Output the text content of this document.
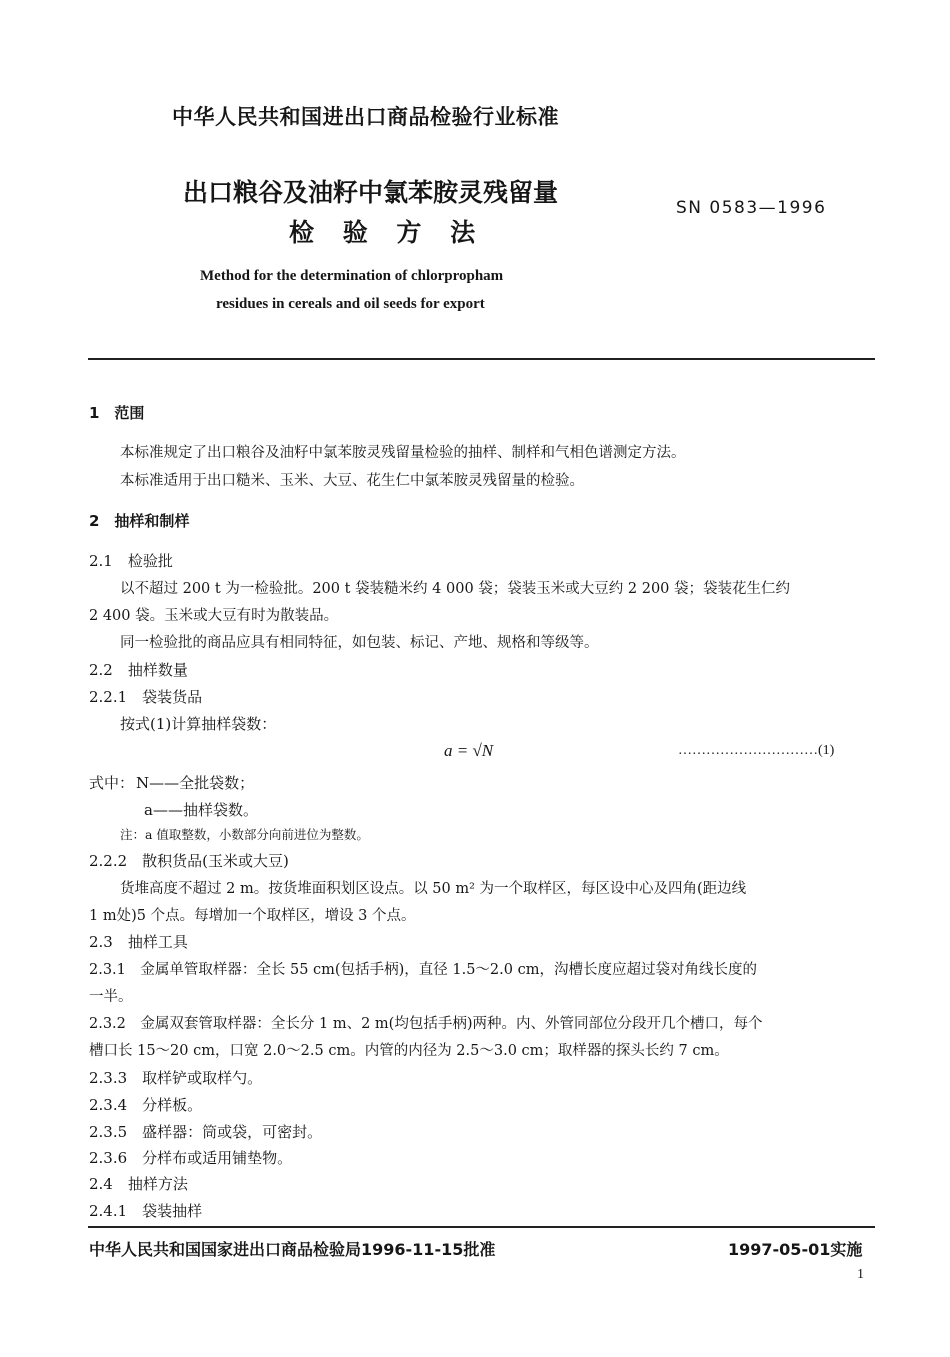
中华人民共和国进出口商品检验行业标准
出口粮谷及油籽中氯苯胺灵残留量
检 验 方 法
SN 0583—1996
Method for the determination of chlorpropham
residues in cereals and oil seeds for export
1　范围
本标准规定了出口粮谷及油籽中氯苯胺灵残留量检验的抽样、制样和气相色谱测定方法。
本标准适用于出口糙米、玉米、大豆、花生仁中氯苯胺灵残留量的检验。
2　抽样和制样
2.1　检验批
以不超过 200 t 为一检验批。200 t 袋装糙米约 4 000 袋；袋装玉米或大豆约 2 200 袋；袋装花生仁约
2 400 袋。玉米或大豆有时为散装品。
同一检验批的商品应具有相同特征，如包装、标记、产地、规格和等级等。
2.2　抽样数量
2.2.1　袋装货品
按式(1)计算抽样袋数：
a = √N	…………………………(1)
式中： N——全批袋数；
a——抽样袋数。
注：a 值取整数，小数部分向前进位为整数。
2.2.2　散积货品(玉米或大豆)
货堆高度不超过 2 m。按货堆面积划区设点。以 50 m² 为一个取样区，每区设中心及四角(距边线
1 m处)5 个点。每增加一个取样区，增设 3 个点。
2.3　抽样工具
2.3.1　金属单管取样器：全长 55 cm(包括手柄)，直径 1.5～2.0 cm，沟槽长度应超过袋对角线长度的
一半。
2.3.2　金属双套管取样器：全长分 1 m、2 m(均包括手柄)两种。内、外管同部位分段开几个槽口，每个
槽口长 15～20 cm，口宽 2.0～2.5 cm。内管的内径为 2.5～3.0 cm；取样器的探头长约 7 cm。
2.3.3　取样铲或取样勺。
2.3.4　分样板。
2.3.5　盛样器：筒或袋，可密封。
2.3.6　分样布或适用铺垫物。
2.4　抽样方法
2.4.1　袋装抽样
中华人民共和国国家进出口商品检验局1996-11-15批准	1997-05-01实施
1
